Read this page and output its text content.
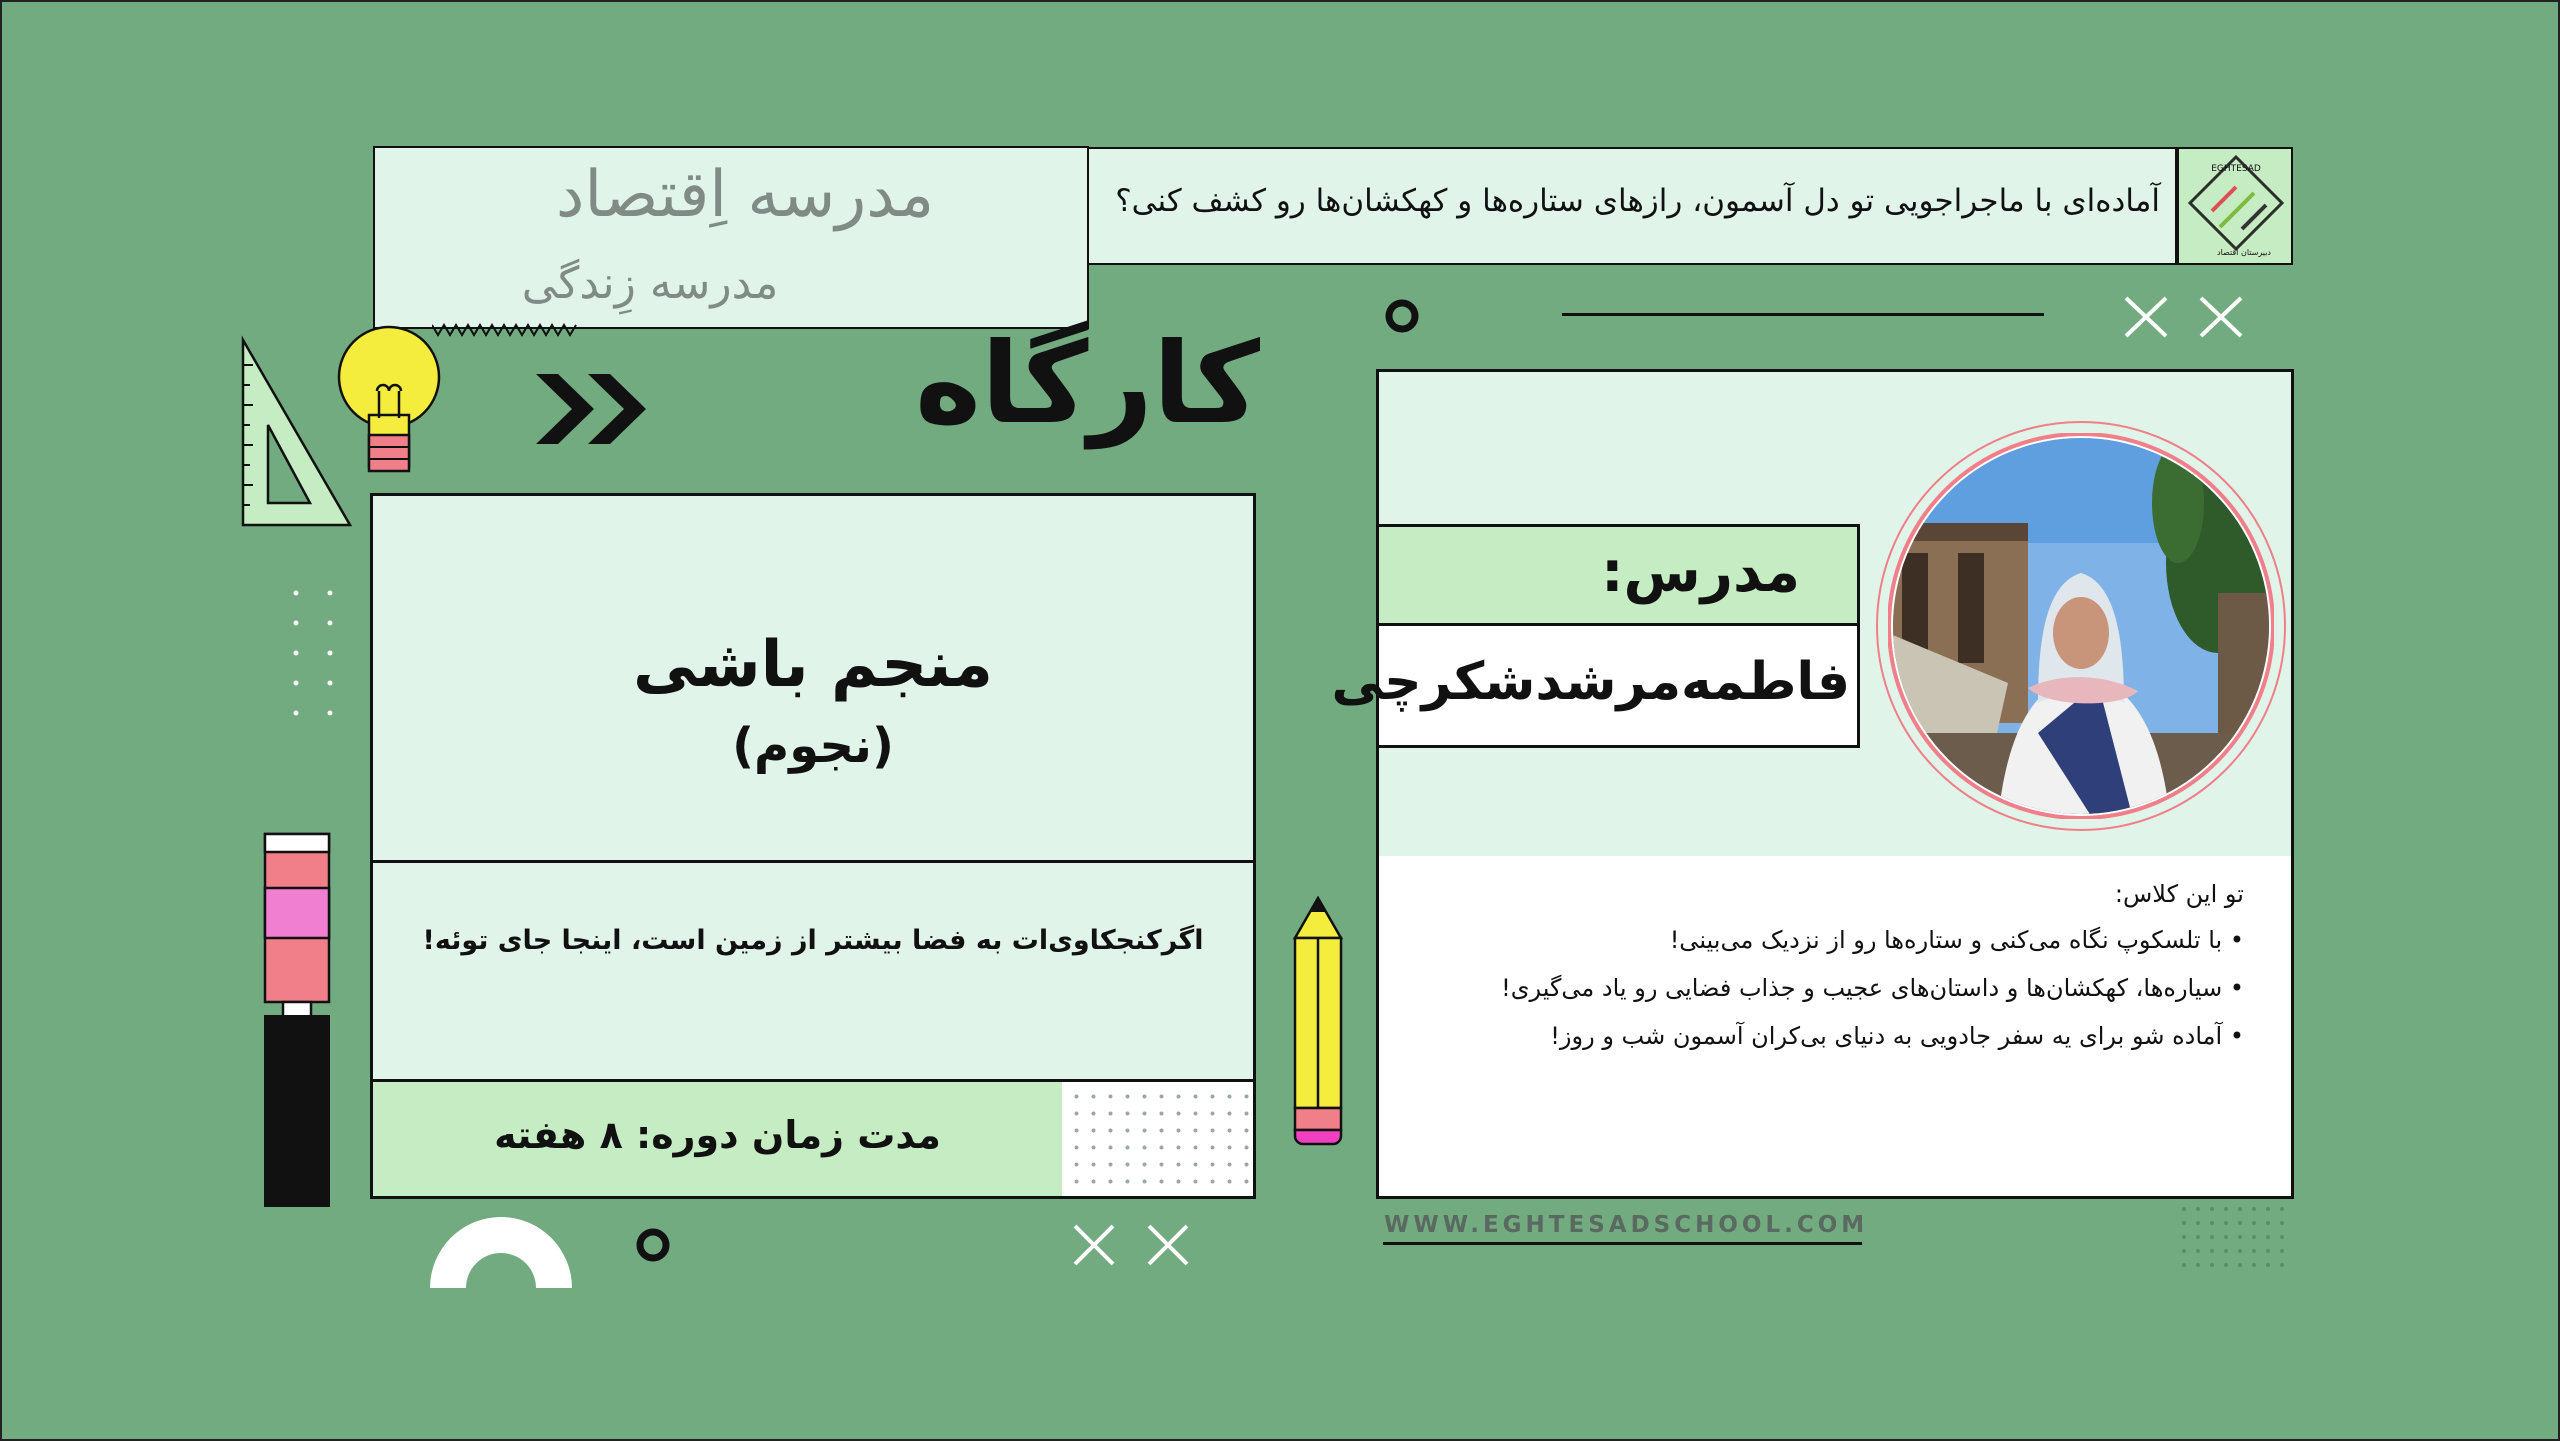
مدرسه اِقتصاد
مدرسه زِندگی
آماده‌ای با ماجراجویی تو دل آسمون، رازهای ستاره‌ها و کهکشان‌ها رو کشف کنی؟
EGHTESAD
دبیرستان اقتصاد
کارگاه
منجم باشی
(نجوم)
اگرکنجکاوی‌ات به فضا بیشتر از زمین است، اینجا جای توئه!
مدت زمان دوره: ۸ هفته
مدرس:
فاطمه‌مرشدشکرچی
تو این کلاس:
• با تلسکوپ نگاه می‌کنی و ستاره‌ها رو از نزدیک می‌بینی!
• سیاره‌ها، کهکشان‌ها و داستان‌های عجیب و جذاب فضایی رو یاد می‌گیری!
• آماده شو برای یه سفر جادویی به دنیای بی‌کران آسمون شب و روز!
WWW.EGHTESADSCHOOL.COM
